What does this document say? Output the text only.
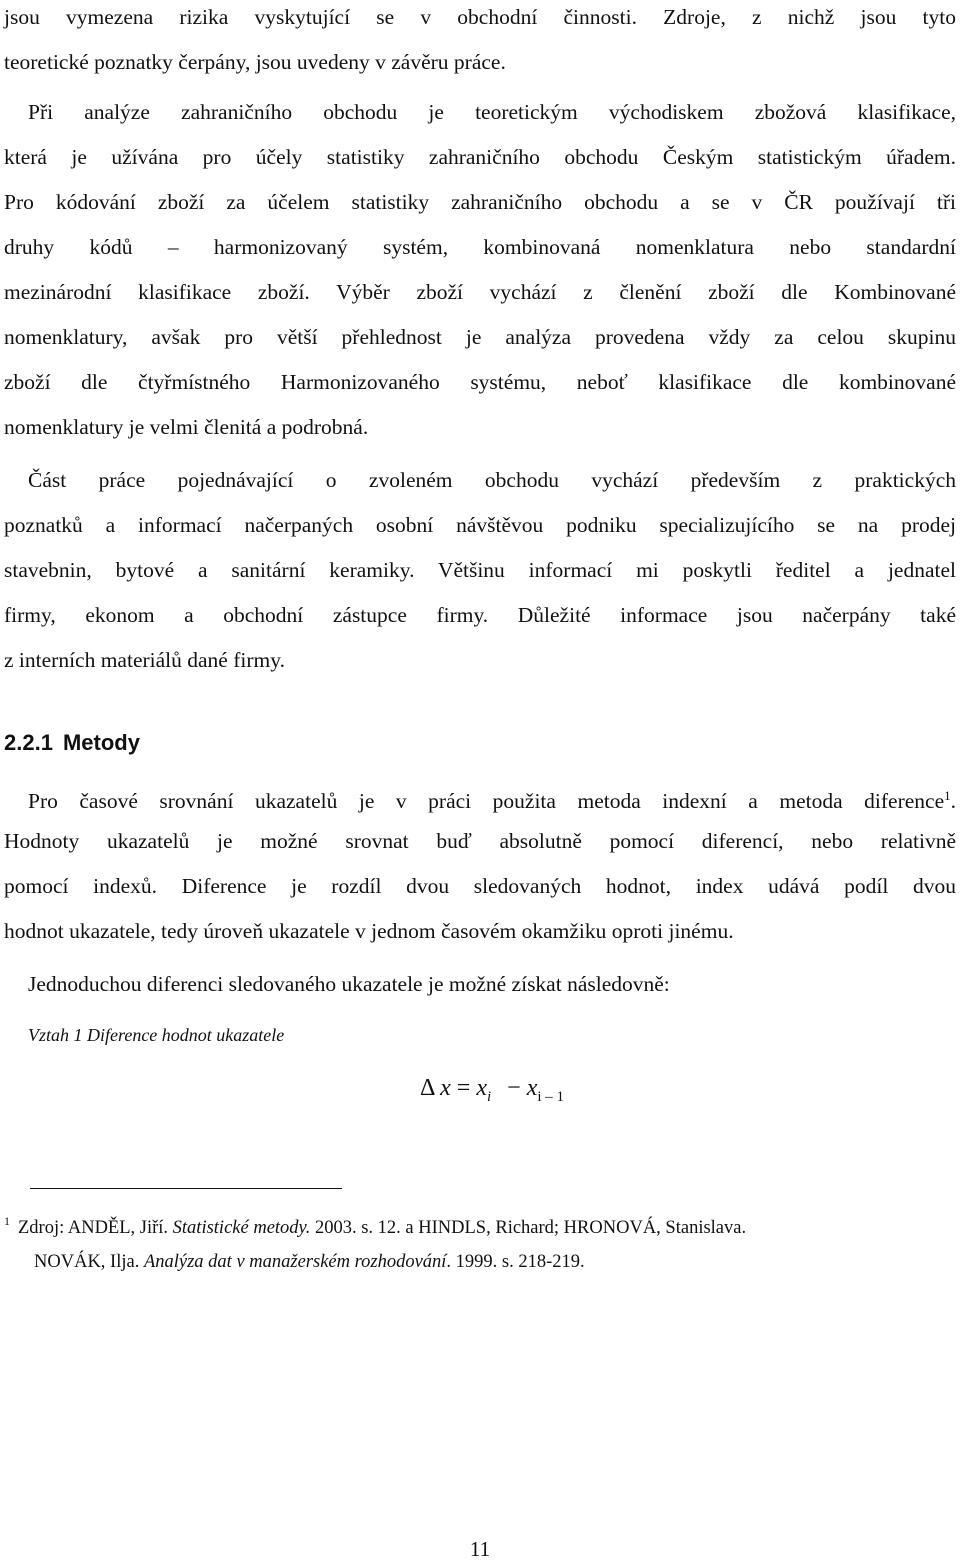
jsou vymezena rizika vyskytující se v obchodní činnosti. Zdroje, z nichž jsou tyto
teoretické poznatky čerpány, jsou uvedeny v závěru práce.
Při analýze zahraničního obchodu je teoretickým východiskem zbožová klasifikace,
která je užívána pro účely statistiky zahraničního obchodu Českým statistickým úřadem.
Pro kódování zboží za účelem statistiky zahraničního obchodu a se v ČR používají tři
druhy kódů – harmonizovaný systém, kombinovaná nomenklatura nebo standardní
mezinárodní klasifikace zboží. Výběr zboží vychází z členění zboží dle Kombinované
nomenklatury, avšak pro větší přehlednost je analýza provedena vždy za celou skupinu
zboží dle čtyřmístného Harmonizovaného systému, neboť klasifikace dle kombinované
nomenklatury je velmi členitá a podrobná.
Část práce pojednávající o zvoleném obchodu vychází především z praktických
poznatků a informací načerpaných osobní návštěvou podniku specializujícího se na prodej
stavebnin, bytové a sanitární keramiky. Většinu informací mi poskytli ředitel a jednatel
firmy, ekonom a obchodní zástupce firmy. Důležité informace jsou načerpány také
z interních materiálů dané firmy.
2.2.1 Metody
Pro časové srovnání ukazatelů je v práci použita metoda indexní a metoda diference$^1$.
Hodnoty ukazatelů je možné srovnat buď absolutně pomocí diferencí, nebo relativně
pomocí indexů. Diference je rozdíl dvou sledovaných hodnot, index udává podíl dvou
hodnot ukazatele, tedy úroveň ukazatele v jednom časovém okamžiku oproti jinému.
Jednoduchou diferenci sledovaného ukazatele je možné získat následovně:
Vztah 1 Diference hodnot ukazatele
Δ $x = x_i - x_{i - 1}$
$^1$ Zdroj: ANDĚL, Jiří. Statistické metody. 2003. s. 12. a HINDLS, Richard; HRONOVÁ, Stanislava.
NOVÁK, Ilja. Analýza dat v manažerském rozhodování. 1999. s. 218-219.
11
